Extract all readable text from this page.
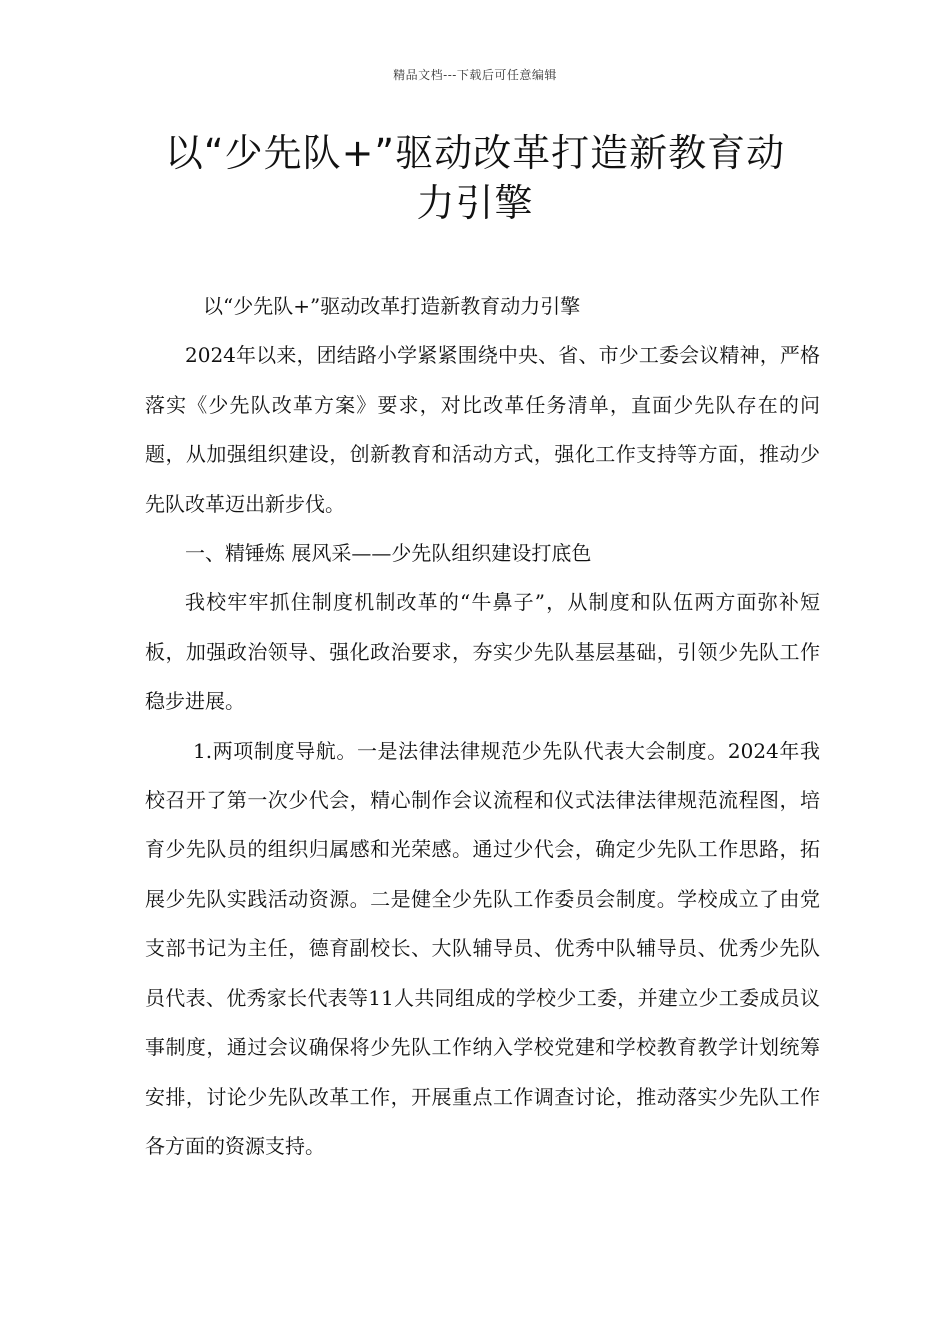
精品文档---下载后可任意编辑
以“少先队+”驱动改革打造新教育动
力引擎

以“少先队+”驱动改革打造新教育动力引擎

2024年以来，团结路小学紧紧围绕中央、省、市少工委会议精神，严格落实《少先队改革方案》要求，对比改革任务清单，直面少先队存在的问题，从加强组织建设，创新教育和活动方式，强化工作支持等方面，推动少先队改革迈出新步伐。

一、精锤炼 展风采——少先队组织建设打底色

我校牢牢抓住制度机制改革的“牛鼻子”，从制度和队伍两方面弥补短板，加强政治领导、强化政治要求，夯实少先队基层基础，引领少先队工作稳步进展。

1.两项制度导航。一是法律法律规范少先队代表大会制度。2024年我校召开了第一次少代会，精心制作会议流程和仪式法律法律规范流程图，培育少先队员的组织归属感和光荣感。通过少代会，确定少先队工作思路，拓展少先队实践活动资源。二是健全少先队工作委员会制度。学校成立了由党支部书记为主任，德育副校长、大队辅导员、优秀中队辅导员、优秀少先队员代表、优秀家长代表等11人共同组成的学校少工委，并建立少工委成员议事制度，通过会议确保将少先队工作纳入学校党建和学校教育教学计划统筹安排，讨论少先队改革工作，开展重点工作调查讨论，推动落实少先队工作各方面的资源支持。
